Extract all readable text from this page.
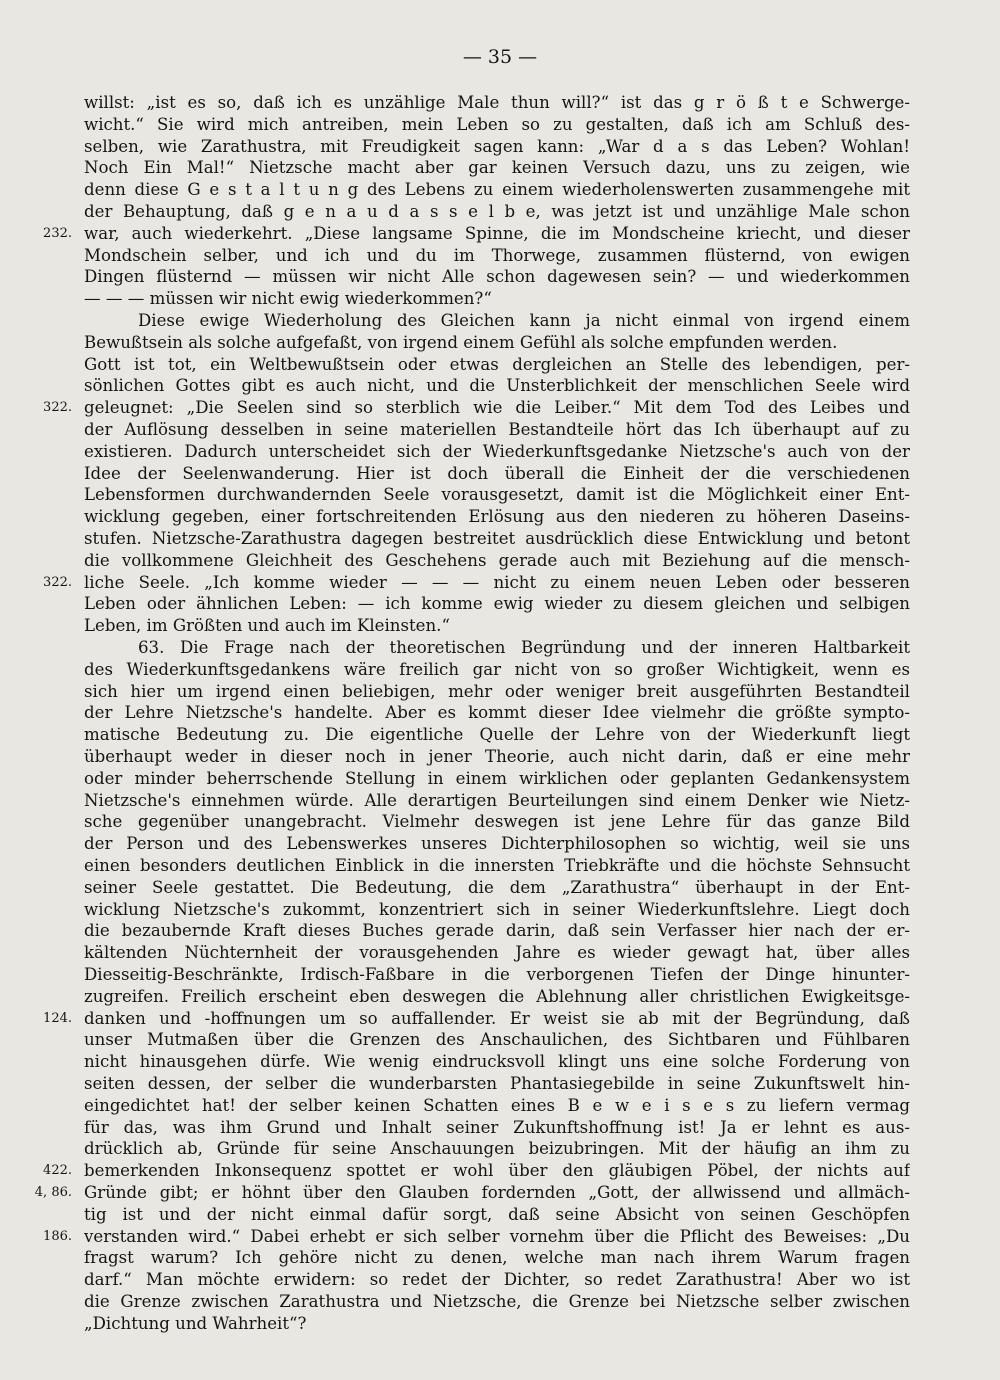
— 35 —
willst: „ist es so, daß ich es unzählige Male thun will?“ ist das g r ö ß t e Schwerge-
wicht.“ Sie wird mich antreiben, mein Leben so zu gestalten, daß ich am Schluß des-
selben, wie Zarathustra, mit Freudigkeit sagen kann: „War d a s das Leben? Wohlan!
Noch Ein Mal!“ Nietzsche macht aber gar keinen Versuch dazu, uns zu zeigen, wie
denn diese G e s t a l t u n g des Lebens zu einem wiederholenswerten zusammengehe mit
der Behauptung, daß g e n a u d a s s e l b e, was jetzt ist und unzählige Male schon
war, auch wiederkehrt. „Diese langsame Spinne, die im Mondscheine kriecht, und dieser
232.
Mondschein selber, und ich und du im Thorwege, zusammen flüsternd, von ewigen
Dingen flüsternd — müssen wir nicht Alle schon dagewesen sein? — und wiederkommen
— — — müssen wir nicht ewig wiederkommen?“
Diese ewige Wiederholung des Gleichen kann ja nicht einmal von irgend einem
Bewußtsein als solche aufgefaßt, von irgend einem Gefühl als solche empfunden werden.
Gott ist tot, ein Weltbewußtsein oder etwas dergleichen an Stelle des lebendigen, per-
sönlichen Gottes gibt es auch nicht, und die Unsterblichkeit der menschlichen Seele wird
geleugnet: „Die Seelen sind so sterblich wie die Leiber.“ Mit dem Tod des Leibes und
322.
der Auflösung desselben in seine materiellen Bestandteile hört das Ich überhaupt auf zu
existieren. Dadurch unterscheidet sich der Wiederkunftsgedanke Nietzsche's auch von der
Idee der Seelenwanderung. Hier ist doch überall die Einheit der die verschiedenen
Lebensformen durchwandernden Seele vorausgesetzt, damit ist die Möglichkeit einer Ent-
wicklung gegeben, einer fortschreitenden Erlösung aus den niederen zu höheren Daseins-
stufen. Nietzsche-Zarathustra dagegen bestreitet ausdrücklich diese Entwicklung und betont
die vollkommene Gleichheit des Geschehens gerade auch mit Beziehung auf die mensch-
liche Seele. „Ich komme wieder — — — nicht zu einem neuen Leben oder besseren
322.
Leben oder ähnlichen Leben: — ich komme ewig wieder zu diesem gleichen und selbigen
Leben, im Größten und auch im Kleinsten.“
63. Die Frage nach der theoretischen Begründung und der inneren Haltbarkeit
des Wiederkunftsgedankens wäre freilich gar nicht von so großer Wichtigkeit, wenn es
sich hier um irgend einen beliebigen, mehr oder weniger breit ausgeführten Bestandteil
der Lehre Nietzsche's handelte. Aber es kommt dieser Idee vielmehr die größte sympto-
matische Bedeutung zu. Die eigentliche Quelle der Lehre von der Wiederkunft liegt
überhaupt weder in dieser noch in jener Theorie, auch nicht darin, daß er eine mehr
oder minder beherrschende Stellung in einem wirklichen oder geplanten Gedankensystem
Nietzsche's einnehmen würde. Alle derartigen Beurteilungen sind einem Denker wie Nietz-
sche gegenüber unangebracht. Vielmehr deswegen ist jene Lehre für das ganze Bild
der Person und des Lebenswerkes unseres Dichterphilosophen so wichtig, weil sie uns
einen besonders deutlichen Einblick in die innersten Triebkräfte und die höchste Sehnsucht
seiner Seele gestattet. Die Bedeutung, die dem „Zarathustra“ überhaupt in der Ent-
wicklung Nietzsche's zukommt, konzentriert sich in seiner Wiederkunftslehre. Liegt doch
die bezaubernde Kraft dieses Buches gerade darin, daß sein Verfasser hier nach der er-
kältenden Nüchternheit der vorausgehenden Jahre es wieder gewagt hat, über alles
Diesseitig-Beschränkte, Irdisch-Faßbare in die verborgenen Tiefen der Dinge hinunter-
zugreifen. Freilich erscheint eben deswegen die Ablehnung aller christlichen Ewigkeitsge-
danken und -hoffnungen um so auffallender. Er weist sie ab mit der Begründung, daß
124.
unser Mutmaßen über die Grenzen des Anschaulichen, des Sichtbaren und Fühlbaren
nicht hinausgehen dürfe. Wie wenig eindrucksvoll klingt uns eine solche Forderung von
seiten dessen, der selber die wunderbarsten Phantasiegebilde in seine Zukunftswelt hin-
eingedichtet hat! der selber keinen Schatten eines B e w e i s e s zu liefern vermag
für das, was ihm Grund und Inhalt seiner Zukunftshoffnung ist! Ja er lehnt es aus-
drücklich ab, Gründe für seine Anschauungen beizubringen. Mit der häufig an ihm zu
bemerkenden Inkonsequenz spottet er wohl über den gläubigen Pöbel, der nichts auf
422.
Gründe gibt; er höhnt über den Glauben fordernden „Gott, der allwissend und allmäch-
4, 86.
tig ist und der nicht einmal dafür sorgt, daß seine Absicht von seinen Geschöpfen
verstanden wird.“ Dabei erhebt er sich selber vornehm über die Pflicht des Beweises: „Du
186.
fragst warum? Ich gehöre nicht zu denen, welche man nach ihrem Warum fragen
darf.“ Man möchte erwidern: so redet der Dichter, so redet Zarathustra! Aber wo ist
die Grenze zwischen Zarathustra und Nietzsche, die Grenze bei Nietzsche selber zwischen
„Dichtung und Wahrheit“?
